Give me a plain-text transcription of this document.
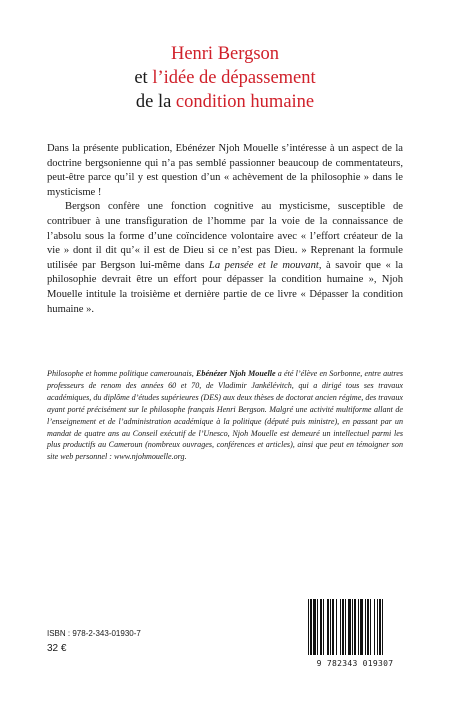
Henri Bergson
et l’idée de dépassement
de la condition humaine

Dans la présente publication, Ebénézer Njoh Mouelle s’intéresse à un aspect de la doctrine bergsonienne qui n’a pas semblé passionner beaucoup de commentateurs, peut-être parce qu’il y est question d’un « achèvement de la philosophie » dans le mysticisme !

Bergson confère une fonction cognitive au mysticisme, susceptible de contribuer à une transfiguration de l’homme par la voie de la connaissance de l’absolu sous la forme d’une coïncidence volontaire avec « l’effort créateur de la vie » dont il dit qu’« il est de Dieu si ce n’est pas Dieu. » Reprenant la formule utilisée par Bergson lui-même dans La pensée et le mouvant, à savoir que « la philosophie devrait être un effort pour dépasser la condition humaine », Njoh Mouelle intitule la troisième et dernière partie de ce livre « Dépasser la condition humaine ».

Philosophe et homme politique camerounais, Ebénézer Njoh Mouelle a été l’élève en Sorbonne, entre autres professeurs de renom des années 60 et 70, de Vladimir Jankélévitch, qui a dirigé tous ses travaux académiques, du diplôme d’études supérieures (DES) aux deux thèses de doctorat ancien régime, des travaux ayant porté précisément sur le philosophe français Henri Bergson. Malgré une activité multiforme allant de l’enseignement et de l’administration académique à la politique (député puis ministre), en passant par un mandat de quatre ans au Conseil exécutif de l’Unesco, Njoh Mouelle est demeuré un intellectuel parmi les plus productifs au Cameroun (nombreux ouvrages, conférences et articles), ainsi que peut en témoigner son site web personnel : www.njohmouelle.org.

ISBN : 978-2-343-01930-7
32 €
9 782343 019307
